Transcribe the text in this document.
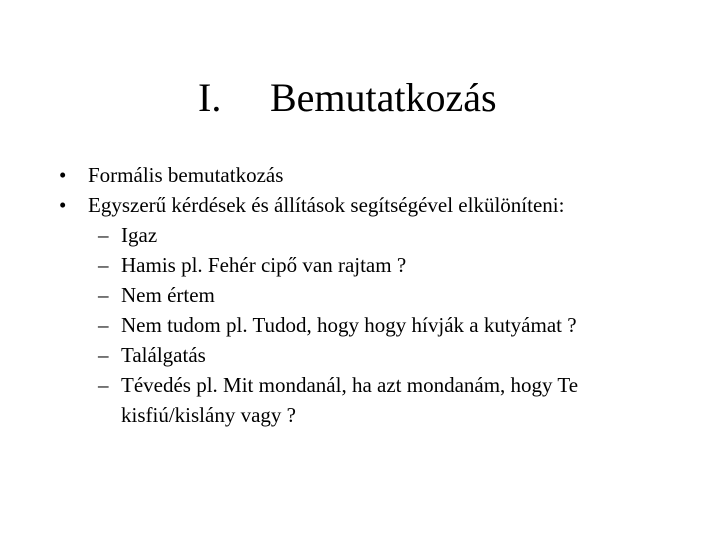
I. Bemutatkozás
• Formális bemutatkozás
• Egyszerű kérdések és állítások segítségével elkülöníteni:
– Igaz
– Hamis pl. Fehér cipő van rajtam ?
– Nem értem
– Nem tudom pl. Tudod, hogy hogy hívják a kutyámat ?
– Találgatás
– Tévedés pl. Mit mondanál, ha azt mondanám, hogy Te kisfiú/kislány vagy ?
